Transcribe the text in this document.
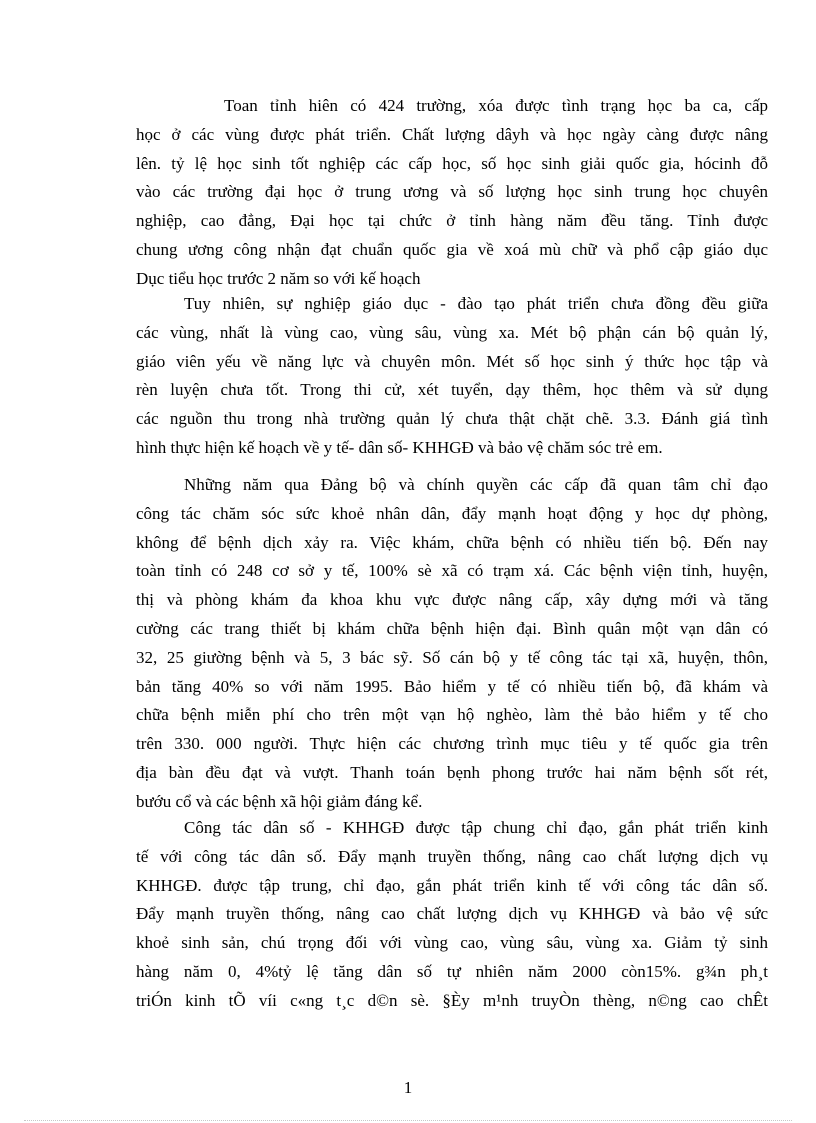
Toan tỉnh hiên có 424 trường, xóa được tình trạng học ba ca, cấp
học ở các vùng được phát triển. Chất lượng dâyh và học ngày càng được nâng
lên. tỷ lệ học sinh tốt nghiệp các cấp học, số học sinh giải quốc gia, hócinh đỗ
vào các trường đại học ở trung ương và số lượng học sinh trung học chuyên
nghiệp, cao đẳng, Đại học tại chức ở tỉnh hàng năm đều tăng. Tỉnh được
chung ương công nhận đạt chuẩn quốc gia về xoá mù chữ và phổ cập giáo dục
Dục tiểu học trước 2 năm so với kế hoạch
Tuy nhiên, sự nghiệp giáo dục - đào tạo phát triển chưa đồng đều giữa
các vùng, nhất là vùng cao, vùng sâu, vùng xa. Mét bộ phận cán bộ quản lý,
giáo viên yếu về năng lực và chuyên môn. Mét số học sinh ý thức học tập và
rèn luyện chưa tốt. Trong thi cử, xét tuyển, dạy thêm, học thêm và sử dụng
các nguồn thu trong nhà trường quản lý chưa thật chặt chẽ. 3.3. Đánh giá tình
hình thực hiện kế hoạch về y tế- dân số- KHHGĐ và bảo vệ chăm sóc trẻ em.
Những năm qua Đảng bộ và chính quyền các cấp đã quan tâm chỉ đạo
công tác chăm sóc sức khoẻ nhân dân, đẩy mạnh hoạt động y học dự phòng,
không để bệnh dịch xảy ra. Việc khám, chữa bệnh có nhiều tiến bộ. Đến nay
toàn tỉnh có 248 cơ sở y tế, 100% sè xã có trạm xá. Các bệnh viện tỉnh, huyện,
thị và phòng khám đa khoa khu vực được nâng cấp, xây dựng mới và tăng
cường các trang thiết bị khám chữa bệnh hiện đại. Bình quân một vạn dân có
32, 25 giường bệnh và 5, 3 bác sỹ. Số cán bộ y tế công tác tại xã, huyện, thôn,
bản tăng 40% so với năm 1995. Bảo hiểm y tế có nhiều tiến bộ, đã khám và
chữa bệnh miễn phí cho trên một vạn hộ nghèo, làm thẻ bảo hiểm y tế cho
trên 330. 000 người. Thực hiện các chương trình mục tiêu y tế quốc gia trên
địa bàn đều đạt và vượt. Thanh toán bẹnh phong trước hai năm bệnh sốt rét,
bướu cổ và các bệnh xã hội giảm đáng kể.
Công tác dân số - KHHGĐ được tập chung chỉ đạo, gắn phát triển kinh
tế với công tác dân số. Đẩy mạnh truyền thống, nâng cao chất lượng dịch vụ
KHHGĐ. được tập trung, chỉ đạo, gắn phát triển kinh tế với công tác dân số.
Đẩy mạnh truyền thống, nâng cao chất lượng dịch vụ KHHGĐ và bảo vệ sức
khoẻ sinh sản, chú trọng đối với vùng cao, vùng sâu, vùng xa. Giảm tỷ sinh
hàng năm 0, 4%tỷ lệ tăng dân số tự nhiên năm 2000 còn15%. g¾n ph¸t
triÓn kinh tÕ víi c«ng t¸c d©n sè. §Èy m¹nh truyÒn thèng, n©ng cao chÊt
1
